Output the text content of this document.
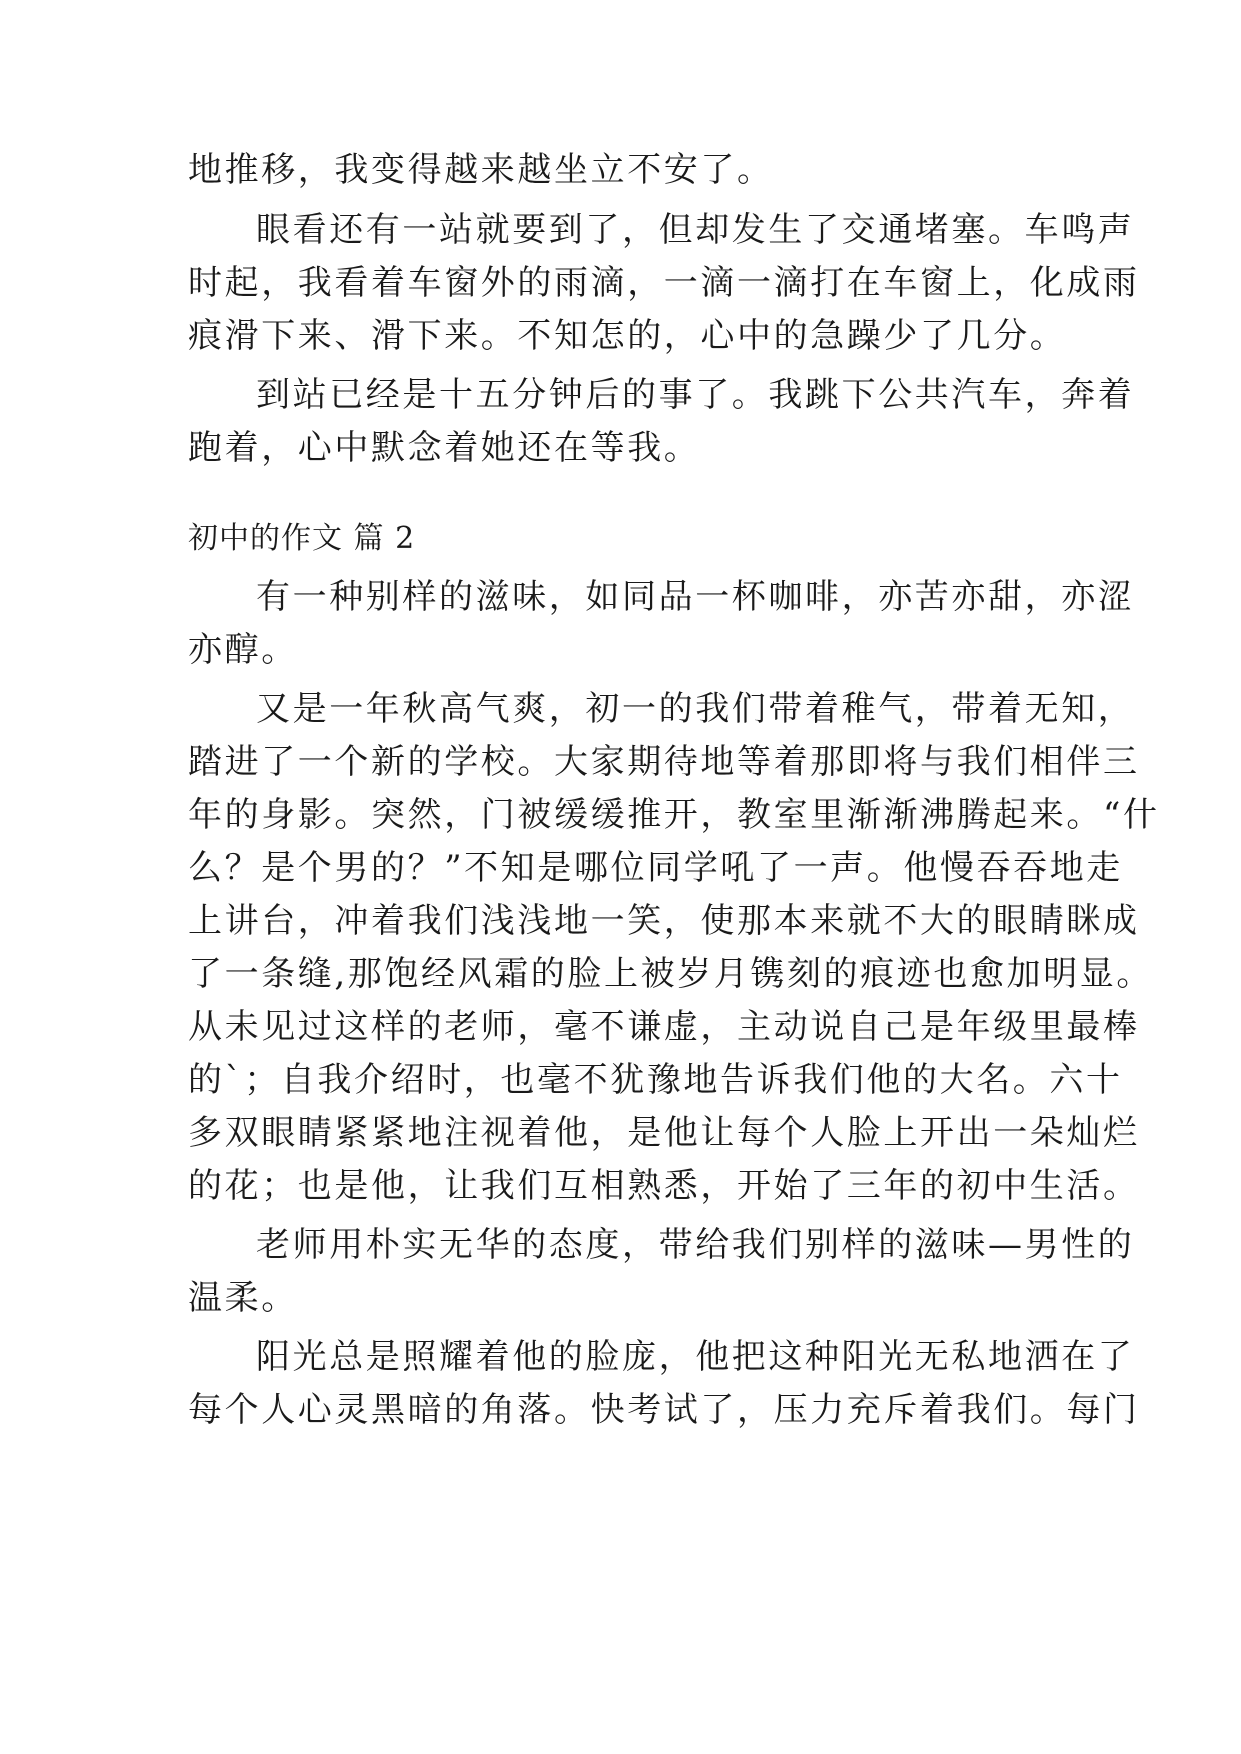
地推移，我变得越来越坐立不安了。
眼看还有一站就要到了，但却发生了交通堵塞。车鸣声
时起，我看着车窗外的雨滴，一滴一滴打在车窗上，化成雨
痕滑下来、滑下来。不知怎的，心中的急躁少了几分。
到站已经是十五分钟后的事了。我跳下公共汽车，奔着
跑着，心中默念着她还在等我。
初中的作文 篇 2
有一种别样的滋味，如同品一杯咖啡，亦苦亦甜，亦涩
亦醇。
又是一年秋高气爽，初一的我们带着稚气，带着无知，
踏进了一个新的学校。大家期待地等着那即将与我们相伴三
年的身影。突然，门被缓缓推开，教室里渐渐沸腾起来。“什
么？是个男的？”不知是哪位同学吼了一声。他慢吞吞地走
上讲台，冲着我们浅浅地一笑，使那本来就不大的眼睛眯成
了一条缝,那饱经风霜的脸上被岁月镌刻的痕迹也愈加明显。
从未见过这样的老师，毫不谦虚，主动说自己是年级里最棒
的`；自我介绍时，也毫不犹豫地告诉我们他的大名。六十
多双眼睛紧紧地注视着他，是他让每个人脸上开出一朵灿烂
的花；也是他，让我们互相熟悉，开始了三年的初中生活。
老师用朴实无华的态度，带给我们别样的滋味—男性的
温柔。
阳光总是照耀着他的脸庞，他把这种阳光无私地洒在了
每个人心灵黑暗的角落。快考试了，压力充斥着我们。每门
